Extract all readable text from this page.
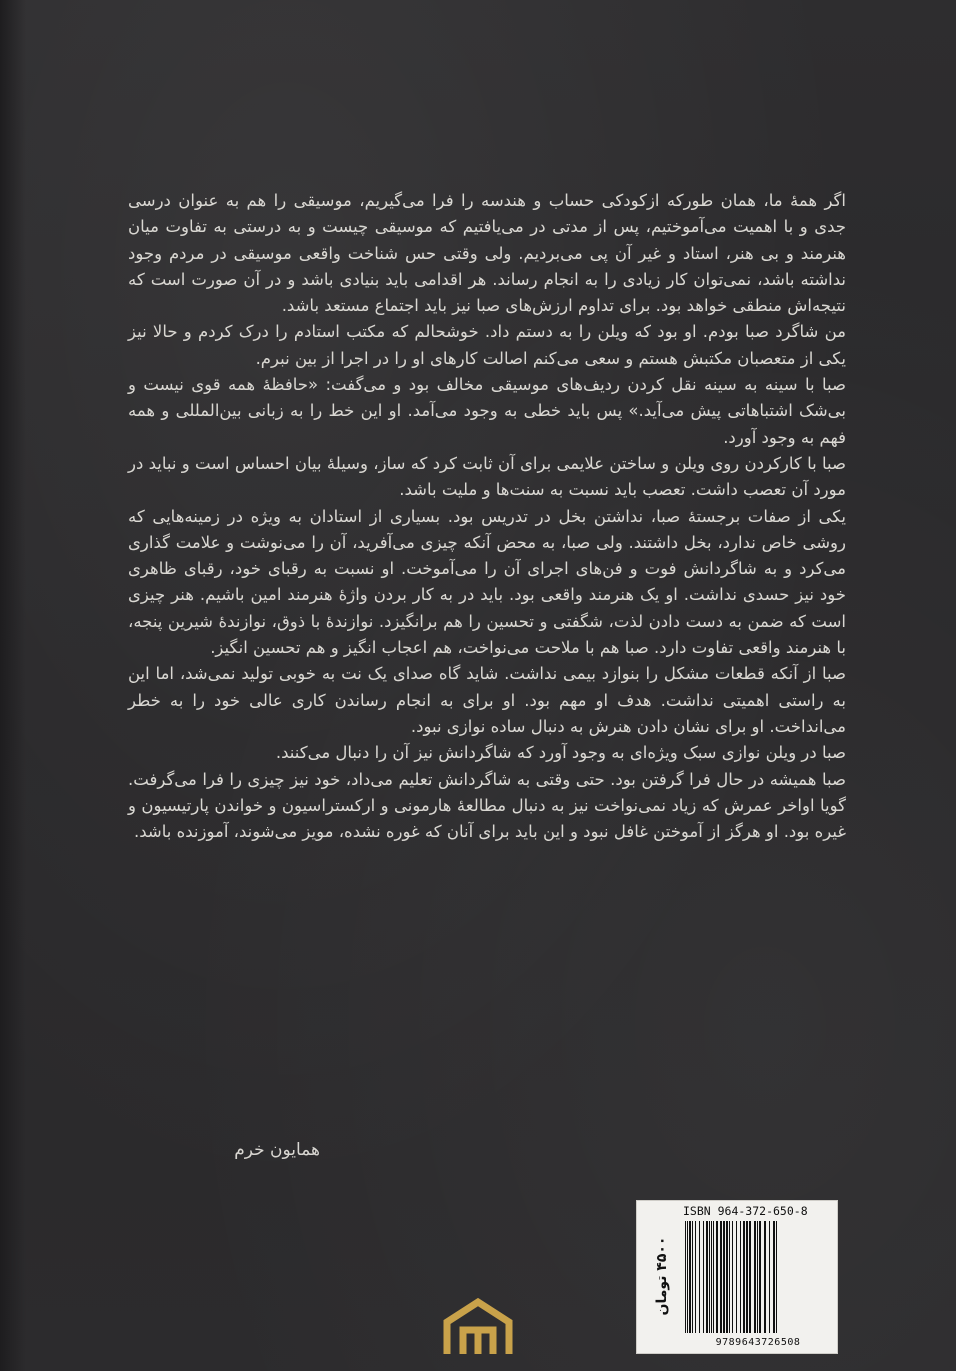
اگر همهٔ ما، همان طورکه ازکودکی حساب و هندسه را فرا می‌گیریم، موسیقی را هم به عنوان درسی جدی و با اهمیت می‌آموختیم، پس از مدتی در می‌یافتیم که موسیقی چیست و به درستی به تفاوت میان هنرمند و بی هنر، استاد و غیر آن پی می‌بردیم. ولی وقتی حس شناخت واقعی موسیقی در مردم وجود نداشته باشد، نمی‌توان کار زیادی را به انجام رساند. هر اقدامی باید بنیادی باشد و در آن صورت است که نتیجه‌اش منطقی خواهد بود. برای تداوم ارزش‌های صبا نیز باید اجتماع مستعد باشد.

من شاگرد صبا بودم. او بود که ویلن را به دستم داد. خوشحالم که مکتب استادم را درک کردم و حالا نیز یکی از متعصبان مکتبش هستم و سعی می‌کنم اصالت کارهای او را در اجرا از بین نبرم.

صبا با سینه به سینه نقل کردن ردیف‌های موسیقی مخالف بود و می‌گفت: «حافظهٔ همه قوی نیست و بی‌شک اشتباهاتی پیش می‌آید.» پس باید خطی به وجود می‌آمد. او این خط را به زبانی بین‌المللی و همه فهم به وجود آورد.

صبا با کارکردن روی ویلن و ساختن علایمی برای آن ثابت کرد که ساز، وسیلهٔ بیان احساس است و نباید در مورد آن تعصب داشت. تعصب باید نسبت به سنت‌ها و ملیت باشد.

یکی از صفات برجستهٔ صبا، نداشتن بخل در تدریس بود. بسیاری از استادان به ویژه در زمینه‌هایی که روشی خاص ندارد، بخل داشتند. ولی صبا، به محض آنکه چیزی می‌آفرید، آن را می‌نوشت و علامت گذاری می‌کرد و به شاگردانش فوت و فن‌های اجرای آن را می‌آموخت. او نسبت به رقبای خود، رقبای ظاهری خود نیز حسدی نداشت. او یک هنرمند واقعی بود. باید در به کار بردن واژهٔ هنرمند امین باشیم. هنر چیزی است که ضمن به دست دادن لذت، شگفتی و تحسین را هم برانگیزد. نوازندهٔ با ذوق، نوازندهٔ شیرین پنجه، با هنرمند واقعی تفاوت دارد. صبا هم با ملاحت می‌نواخت، هم اعجاب انگیز و هم تحسین انگیز.

صبا از آنکه قطعات مشکل را بنوازد بیمی نداشت. شاید گاه صدای یک نت به خوبی تولید نمی‌شد، اما این به راستی اهمیتی نداشت. هدف او مهم بود. او برای به انجام رساندن کاری عالی خود را به خطر می‌انداخت. او برای نشان دادن هنرش به دنبال ساده نوازی نبود.

صبا در ویلن نوازی سبک ویژه‌ای به وجود آورد که شاگردانش نیز آن را دنبال می‌کنند.

صبا همیشه در حال فرا گرفتن بود. حتی وقتی به شاگردانش تعلیم می‌داد، خود نیز چیزی را فرا می‌گرفت. گویا اواخر عمرش که زیاد نمی‌نواخت نیز به دنبال مطالعهٔ هارمونی و ارکستراسیون و خواندن پارتیسیون و غیره بود. او هرگز از آموختن غافل نبود و این باید برای آنان که غوره نشده، مویز می‌شوند، آموزنده باشد.

همایون خرم
ISBN 964-372-650-8
۴۵۰۰ تومان
9789643726508
